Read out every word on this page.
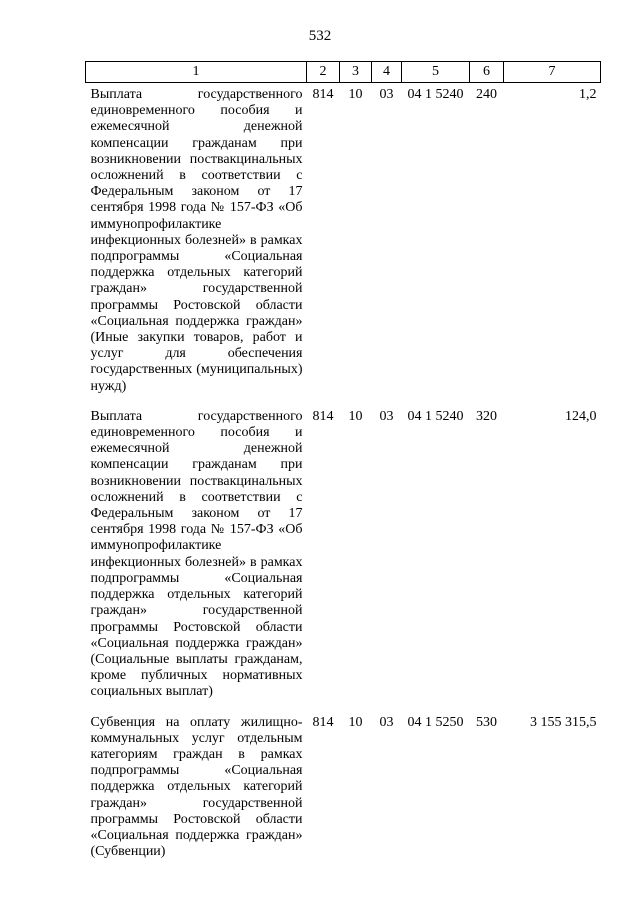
532
1	2	3	4	5	6	7
Выплата государственного единовременного пособия и ежемесячной денежной компенсации гражданам при возникновении поствакцинальных осложнений в соответствии с Федеральным законом от 17 сентября 1998 года № 157-ФЗ «Об иммунопрофилактике инфекционных болезней» в рамках подпрограммы «Социальная поддержка отдельных категорий граждан» государственной программы Ростовской области «Социальная поддержка граждан» (Иные закупки товаров, работ и услуг для обеспечения государственных (муниципальных) нужд)	814	10	03	04 1 5240	240	1,2
Выплата государственного единовременного пособия и ежемесячной денежной компенсации гражданам при возникновении поствакцинальных осложнений в соответствии с Федеральным законом от 17 сентября 1998 года № 157-ФЗ «Об иммунопрофилактике инфекционных болезней» в рамках подпрограммы «Социальная поддержка отдельных категорий граждан» государственной программы Ростовской области «Социальная поддержка граждан» (Социальные выплаты гражданам, кроме публичных нормативных социальных выплат)	814	10	03	04 1 5240	320	124,0
Субвенция на оплату жилищно-коммунальных услуг отдельным категориям граждан в рамках подпрограммы «Социальная поддержка отдельных категорий граждан» государственной программы Ростовской области «Социальная поддержка граждан» (Субвенции)	814	10	03	04 1 5250	530	3 155 315,5
